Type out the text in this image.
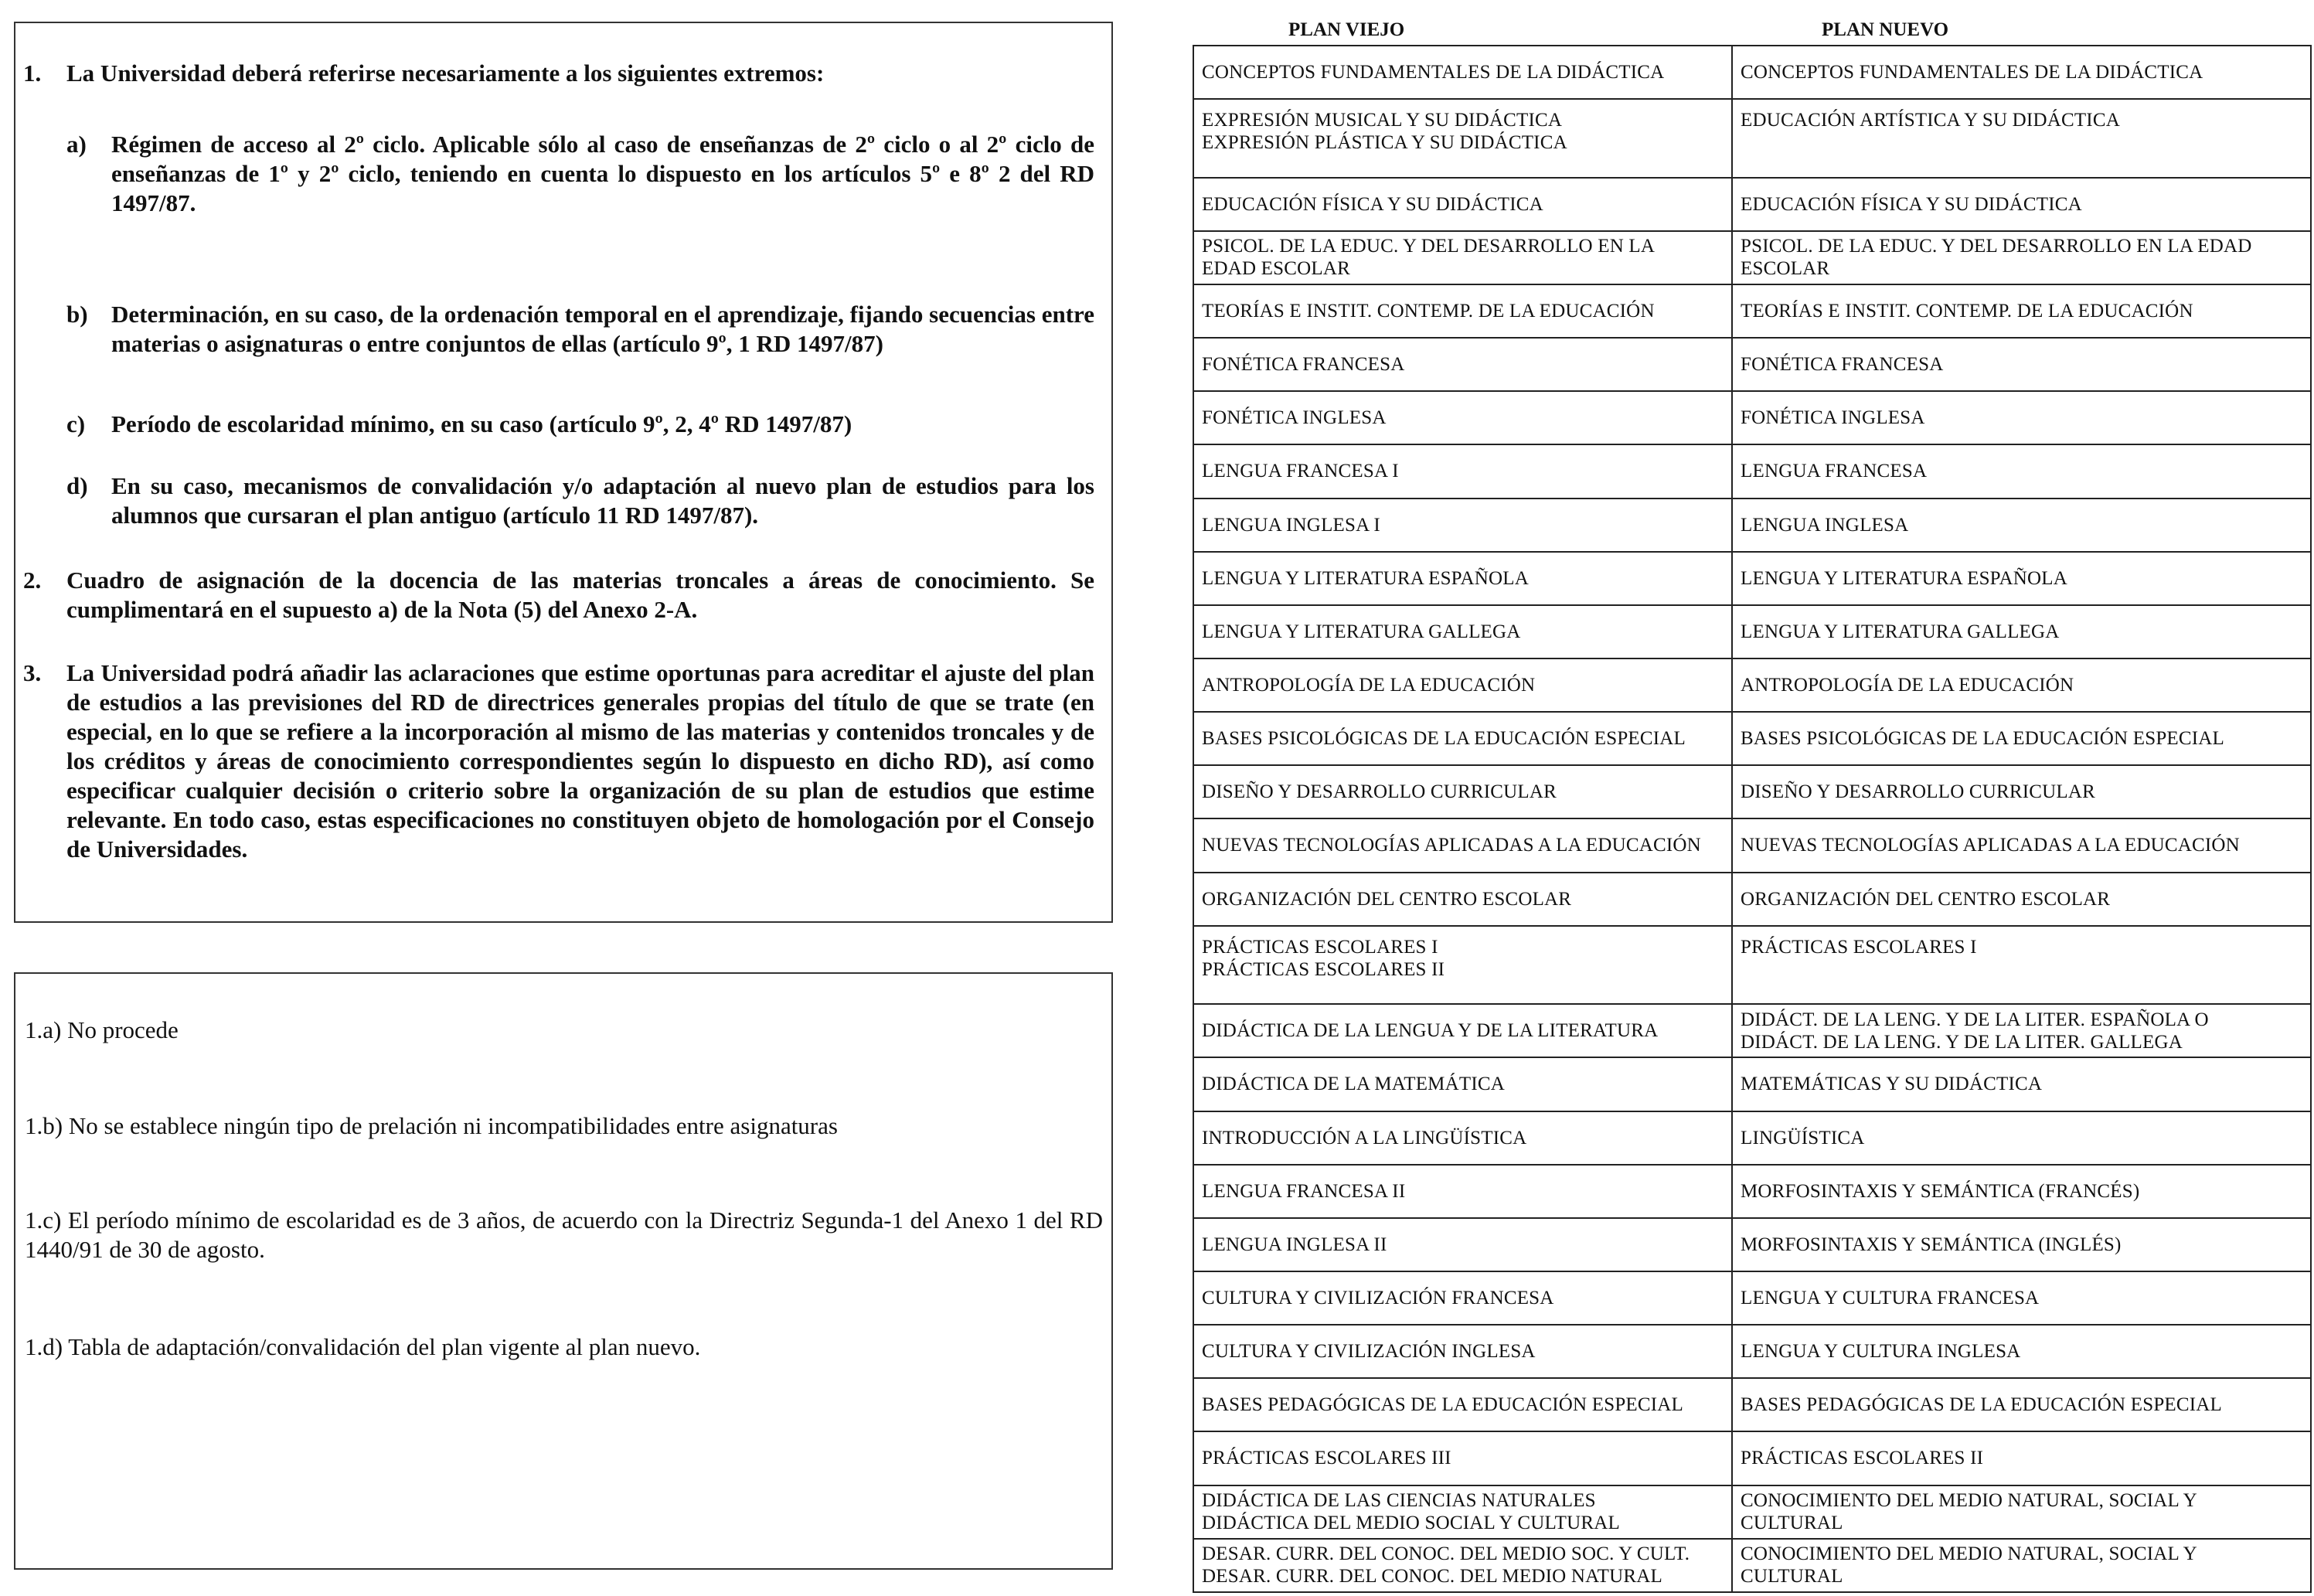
1. La Universidad deberá referirse necesariamente a los siguientes extremos:
a) Régimen de acceso al 2º ciclo. Aplicable sólo al caso de enseñanzas de 2º ciclo o al 2º ciclo de enseñanzas de 1º y 2º ciclo, teniendo en cuenta lo dispuesto en los artículos 5º e 8º 2 del RD 1497/87.
b) Determinación, en su caso, de la ordenación temporal en el aprendizaje, fijando secuencias entre materias o asignaturas o entre conjuntos de ellas (artículo 9º, 1 RD 1497/87)
c) Período de escolaridad mínimo, en su caso (artículo 9º, 2, 4º RD 1497/87)
d) En su caso, mecanismos de convalidación y/o adaptación al nuevo plan de estudios para los alumnos que cursaran el plan antiguo (artículo 11 RD 1497/87).
2. Cuadro de asignación de la docencia de las materias troncales a áreas de conocimiento. Se cumplimentará en el supuesto a) de la Nota (5) del Anexo 2-A.
3. La Universidad podrá añadir las aclaraciones que estime oportunas para acreditar el ajuste del plan de estudios a las previsiones del RD de directrices generales propias del título de que se trate (en especial, en lo que se refiere a la incorporación al mismo de las materias y contenidos troncales y de los créditos y áreas de conocimiento correspondientes según lo dispuesto en dicho RD), así como especificar cualquier decisión o criterio sobre la organización de su plan de estudios que estime relevante. En todo caso, estas especificaciones no constituyen objeto de homologación por el Consejo de Universidades.
1.a) No procede
1.b) No se establece ningún tipo de prelación ni incompatibilidades entre asignaturas
1.c) El período mínimo de escolaridad es de 3 años, de acuerdo con la Directriz Segunda-1 del Anexo 1 del RD 1440/91 de 30 de agosto.
1.d) Tabla de adaptación/convalidación del plan vigente al plan nuevo.
PLAN VIEJO	PLAN NUEVO
CONCEPTOS FUNDAMENTALES DE LA DIDÁCTICA	CONCEPTOS FUNDAMENTALES DE LA DIDÁCTICA

EXPRESIÓN MUSICAL Y SU DIDÁCTICA
EXPRESIÓN PLÁSTICA Y SU DIDÁCTICA	EDUCACIÓN ARTÍSTICA Y SU DIDÁCTICA

EDUCACIÓN FÍSICA Y SU DIDÁCTICA	EDUCACIÓN FÍSICA Y SU DIDÁCTICA

PSICOL. DE LA EDUC. Y DEL DESARROLLO EN LA
EDAD ESCOLAR	PSICOL. DE LA EDUC. Y DEL DESARROLLO EN LA EDAD
ESCOLAR

TEORÍAS E INSTIT. CONTEMP. DE LA EDUCACIÓN	TEORÍAS E INSTIT. CONTEMP. DE LA EDUCACIÓN

FONÉTICA FRANCESA	FONÉTICA FRANCESA

FONÉTICA INGLESA	FONÉTICA INGLESA

LENGUA FRANCESA I	LENGUA FRANCESA

LENGUA INGLESA I	LENGUA INGLESA

LENGUA Y LITERATURA ESPAÑOLA	LENGUA Y LITERATURA ESPAÑOLA

LENGUA Y LITERATURA GALLEGA	LENGUA Y LITERATURA GALLEGA

ANTROPOLOGÍA DE LA EDUCACIÓN	ANTROPOLOGÍA DE LA EDUCACIÓN

BASES PSICOLÓGICAS DE LA EDUCACIÓN ESPECIAL	BASES PSICOLÓGICAS DE LA EDUCACIÓN ESPECIAL

DISEÑO Y DESARROLLO CURRICULAR	DISEÑO Y DESARROLLO CURRICULAR

NUEVAS TECNOLOGÍAS APLICADAS A LA EDUCACIÓN	NUEVAS TECNOLOGÍAS APLICADAS A LA EDUCACIÓN

ORGANIZACIÓN DEL CENTRO ESCOLAR	ORGANIZACIÓN DEL CENTRO ESCOLAR

PRÁCTICAS ESCOLARES I
PRÁCTICAS ESCOLARES II	PRÁCTICAS ESCOLARES I

DIDÁCTICA DE LA LENGUA Y DE LA LITERATURA	DIDÁCT. DE LA LENG. Y DE LA LITER. ESPAÑOLA O
DIDÁCT. DE LA LENG. Y DE LA LITER. GALLEGA

DIDÁCTICA DE LA MATEMÁTICA	MATEMÁTICAS Y SU DIDÁCTICA

INTRODUCCIÓN A LA LINGÜÍSTICA	LINGÜÍSTICA

LENGUA FRANCESA II	MORFOSINTAXIS Y SEMÁNTICA (FRANCÉS)

LENGUA INGLESA II	MORFOSINTAXIS Y SEMÁNTICA (INGLÉS)

CULTURA Y CIVILIZACIÓN FRANCESA	LENGUA Y CULTURA FRANCESA

CULTURA Y CIVILIZACIÓN INGLESA	LENGUA Y CULTURA INGLESA

BASES PEDAGÓGICAS DE LA EDUCACIÓN ESPECIAL	BASES PEDAGÓGICAS DE LA EDUCACIÓN ESPECIAL

PRÁCTICAS ESCOLARES III	PRÁCTICAS ESCOLARES II

DIDÁCTICA DE LAS CIENCIAS NATURALES
DIDÁCTICA DEL MEDIO SOCIAL Y CULTURAL	CONOCIMIENTO DEL MEDIO NATURAL, SOCIAL Y
CULTURAL

DESAR. CURR. DEL CONOC. DEL MEDIO SOC. Y CULT.
DESAR. CURR. DEL CONOC. DEL MEDIO NATURAL	CONOCIMIENTO DEL MEDIO NATURAL, SOCIAL Y
CULTURAL
